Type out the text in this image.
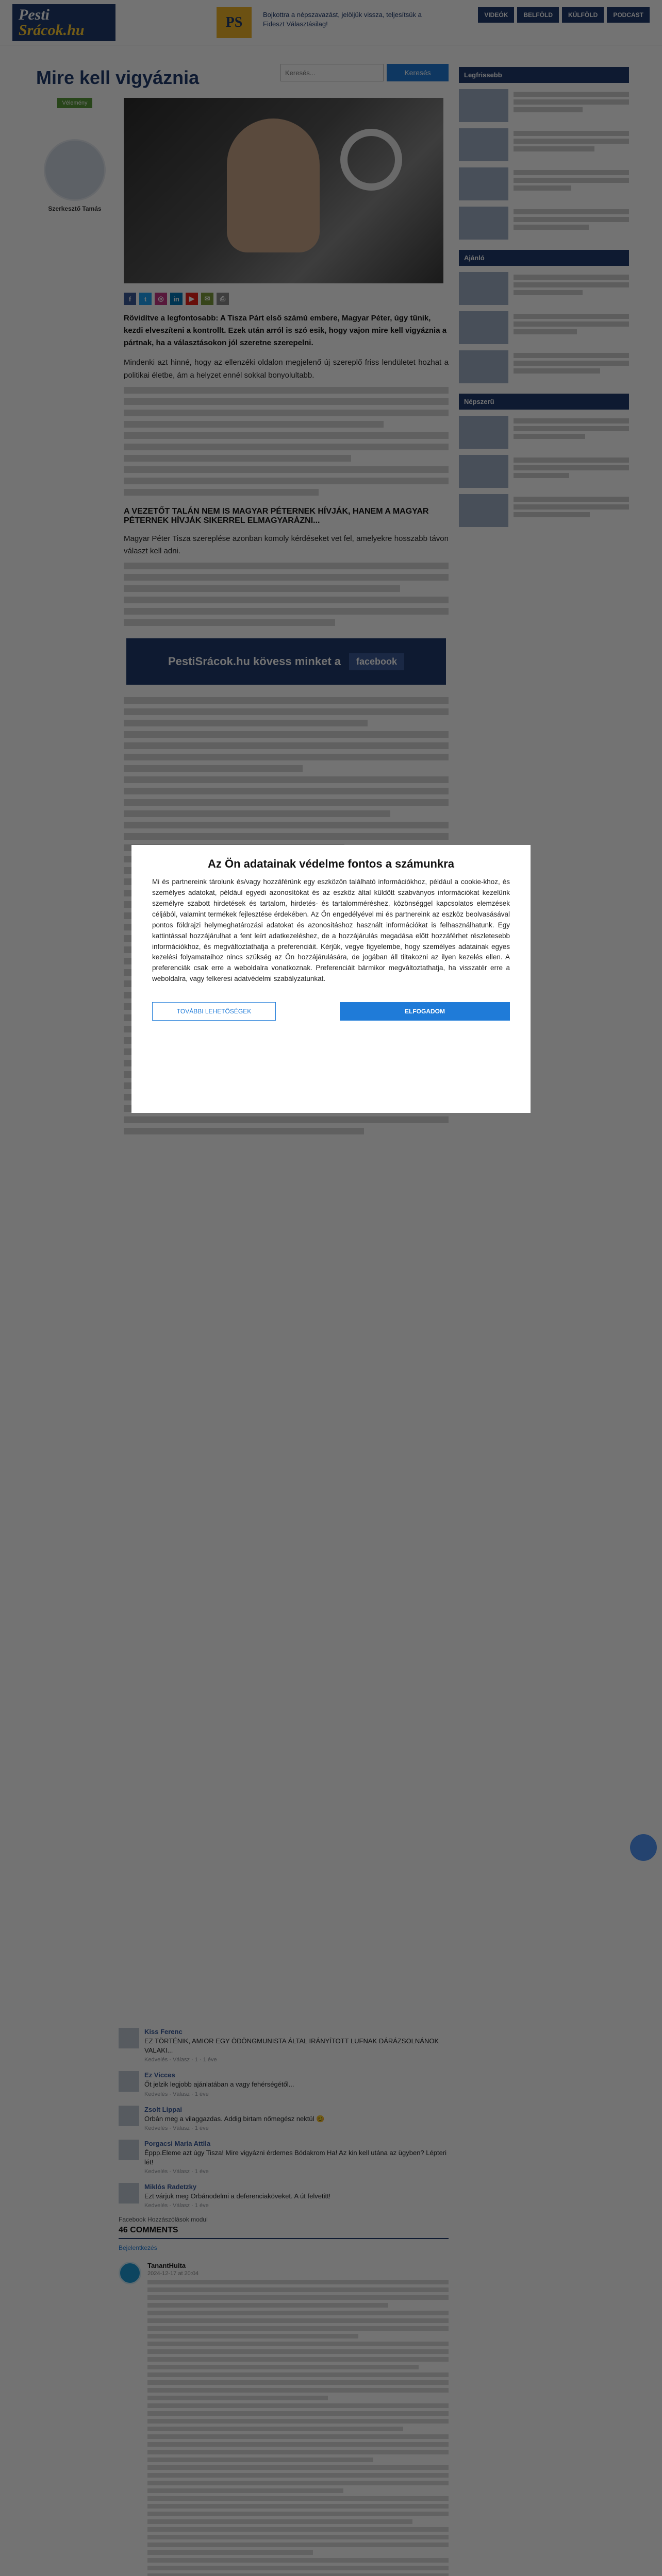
Keresés...

Az Ön adatainak védelme fontos a számunkra

Mi és partnereink tárolunk és/vagy hozzáférünk egy eszközön található információkhoz, például a cookie-khoz, és személyes adatokat, például egyedi azonosítókat és az eszköz által küldött szabványos információkat kezelünk személyre szabott hirdetések és tartalom, hirdetés- és tartalomméréshez, közönséggel kapcsolatos elemzések céljából, valamint termékek fejlesztése érdekében. Az Ön engedélyével mi és partnereink az eszköz beolvasásával pontos földrajzi helymeghatározási adatokat és azonosításhoz használt információkat is felhasználhatunk. Egy kattintással hozzájárulhat a fent leírt adatkezeléshez, de a hozzájárulás megadása előtt hozzáférhet részletesebb információkhoz, és megváltoztathatja a preferenciáit. Kérjük, vegye figyelembe, hogy személyes adatainak egyes kezelési folyamataihoz nincs szükség az Ön hozzájárulására, de jogában áll tiltakozni az ilyen kezelés ellen. A preferenciák csak erre a weboldalra vonatkoznak. Preferenciáit bármikor megváltoztathatja, ha visszatér erre a weboldalra, vagy felkeresi adatvédelmi szabályzatunkat.

TOVÁBBI LEHETŐSÉGEK	ELFOGADOM
